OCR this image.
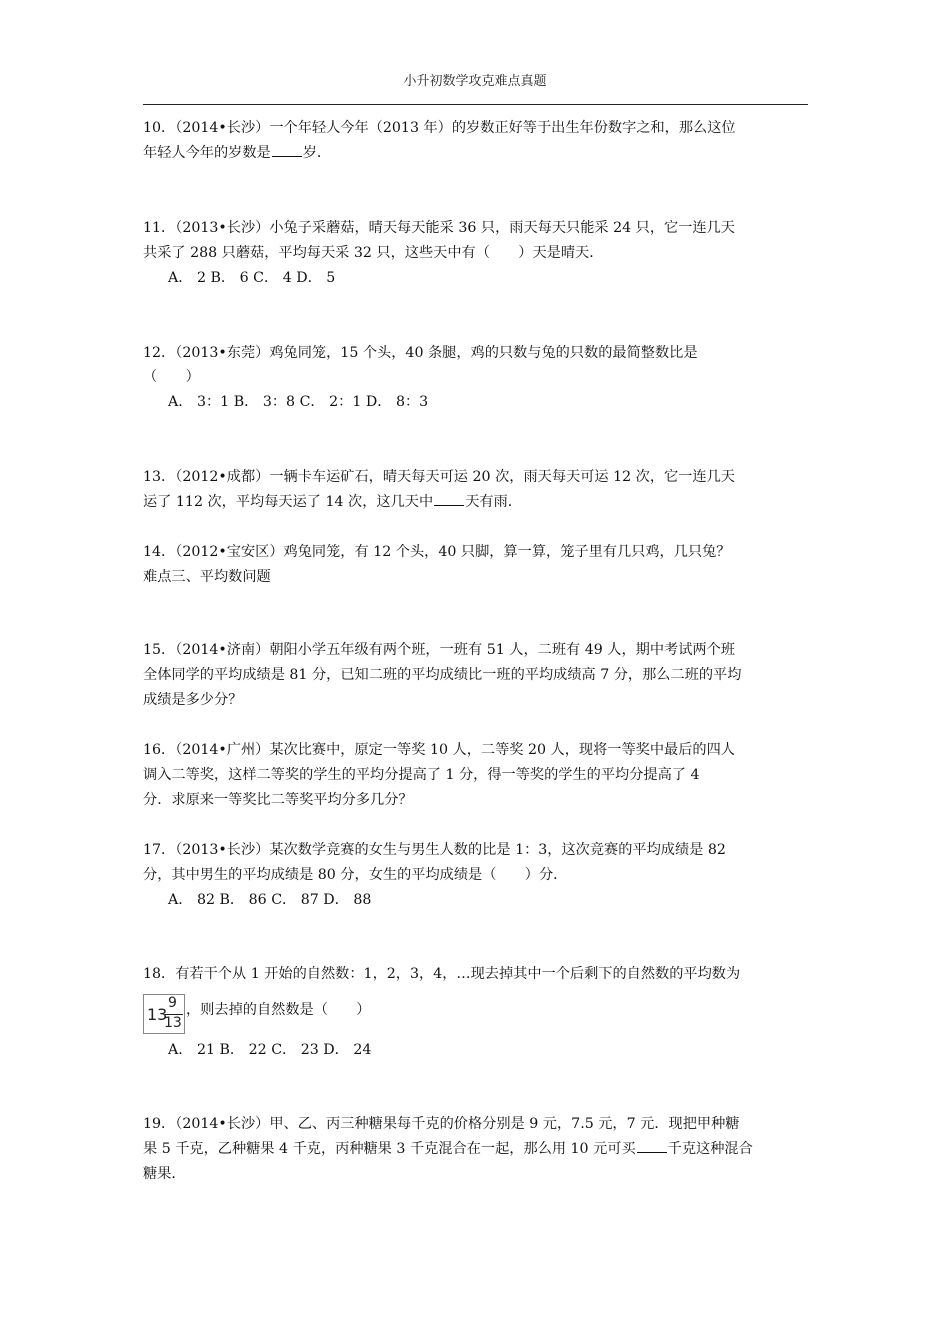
小升初数学攻克难点真题
10．（2014•长沙）一个年轻人今年（2013 年）的岁数正好等于出生年份数字之和，那么这位
年轻人今年的岁数是 岁．
11．（2013•长沙）小兔子采蘑菇，晴天每天能采 36 只，雨天每天只能采 24 只，它一连几天
共采了 288 只蘑菇，平均每天采 32 只，这些天中有（　　）天是晴天．
A． 2 B． 6 C． 4 D． 5
12．（2013•东莞）鸡兔同笼，15 个头，40 条腿，鸡的只数与兔的只数的最简整数比是
（　　）
A． 3：1 B． 3：8 C． 2：1 D． 8：3
13．（2012•成都）一辆卡车运矿石，晴天每天可运 20 次，雨天每天可运 12 次，它一连几天
运了 112 次，平均每天运了 14 次，这几天中 天有雨．
14．（2012•宝安区）鸡兔同笼，有 12 个头，40 只脚，算一算，笼子里有几只鸡，几只兔？
难点三、平均数问题
15．（2014•济南）朝阳小学五年级有两个班，一班有 51 人，二班有 49 人，期中考试两个班
全体同学的平均成绩是 81 分，已知二班的平均成绩比一班的平均成绩高 7 分，那么二班的平均
成绩是多少分？
16．（2014•广州）某次比赛中，原定一等奖 10 人，二等奖 20 人，现将一等奖中最后的四人
调入二等奖，这样二等奖的学生的平均分提高了 1 分，得一等奖的学生的平均分提高了 4
分．求原来一等奖比二等奖平均分多几分？
17．（2013•长沙）某次数学竞赛的女生与男生人数的比是 1：3，这次竞赛的平均成绩是 82
分，其中男生的平均成绩是 80 分，女生的平均成绩是（　　）分．
A． 82 B． 86 C． 87 D． 88
18．有若干个从 1 开始的自然数：1，2，3，4，…现去掉其中一个后剩下的自然数的平均数为
13
9
13
，则去掉的自然数是（　　）
A． 21 B． 22 C． 23 D． 24
19．（2014•长沙）甲、乙、丙三种糖果每千克的价格分别是 9 元，7.5 元，7 元．现把甲种糖
果 5 千克，乙种糖果 4 千克，丙种糖果 3 千克混合在一起，那么用 10 元可买 千克这种混合
糖果．
